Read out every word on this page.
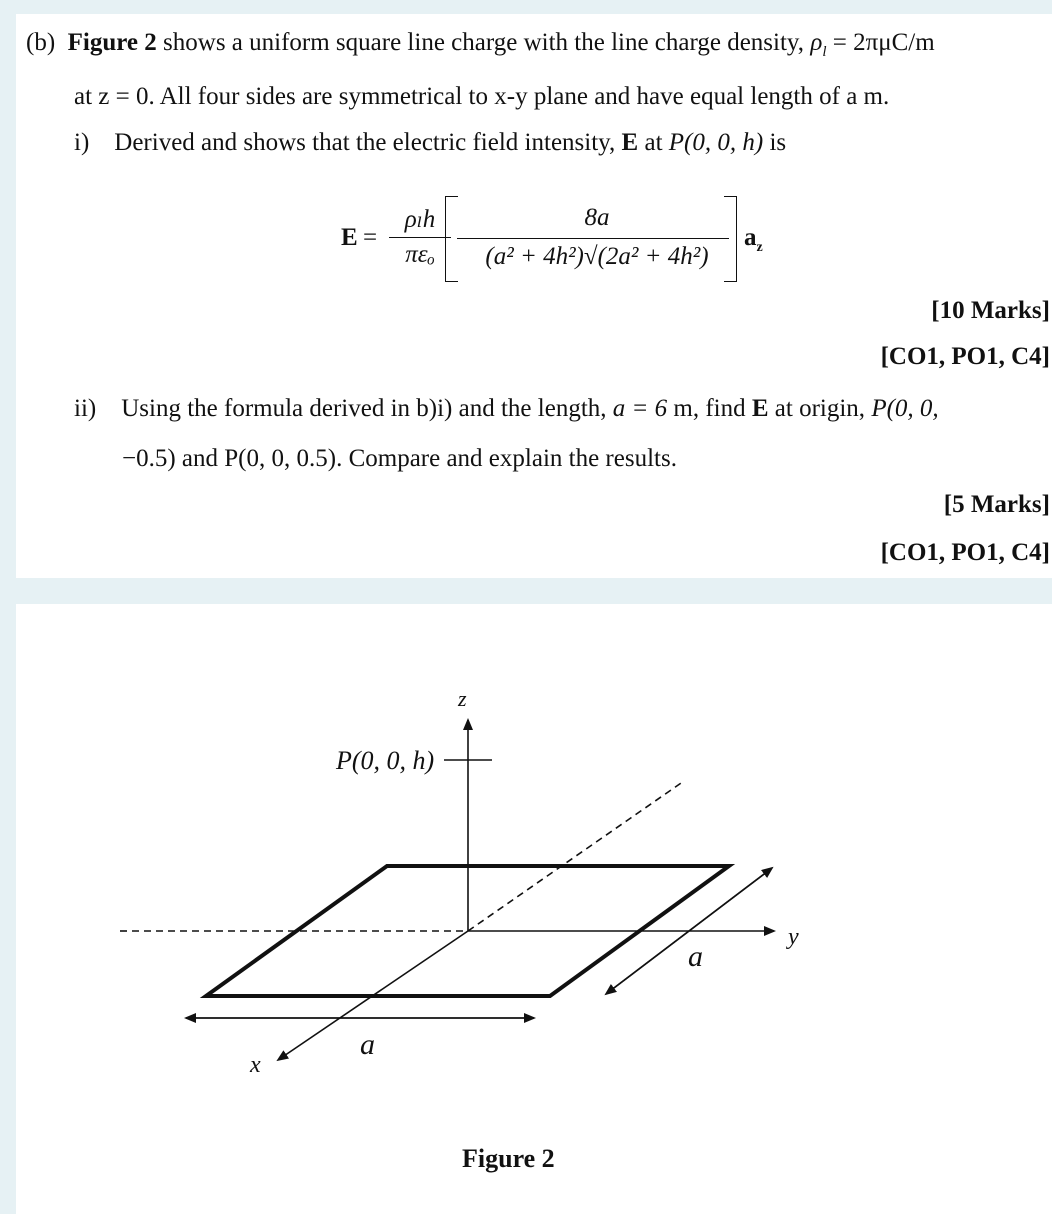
(b) Figure 2 shows a uniform square line charge with the line charge density, $\rho_l = 2\pi\mu C/m$
at z = 0. All four sides are symmetrical to x-y plane and have equal length of a m.
i) Derived and shows that the electric field intensity, E at P(0, 0, h) is
E =
ρₗh
πεₒ
8a
(a² + 4h²)√(2a² + 4h²)
$a_z$
[10 Marks]
[CO1, PO1, C4]
ii) Using the formula derived in b)i) and the length, a = 6 m, find E at origin, P(0, 0,
−0.5) and P(0, 0, 0.5). Compare and explain the results.
[5 Marks]
[CO1, PO1, C4]
P(0, 0, h)
z
y
x
a
a
Figure 2
